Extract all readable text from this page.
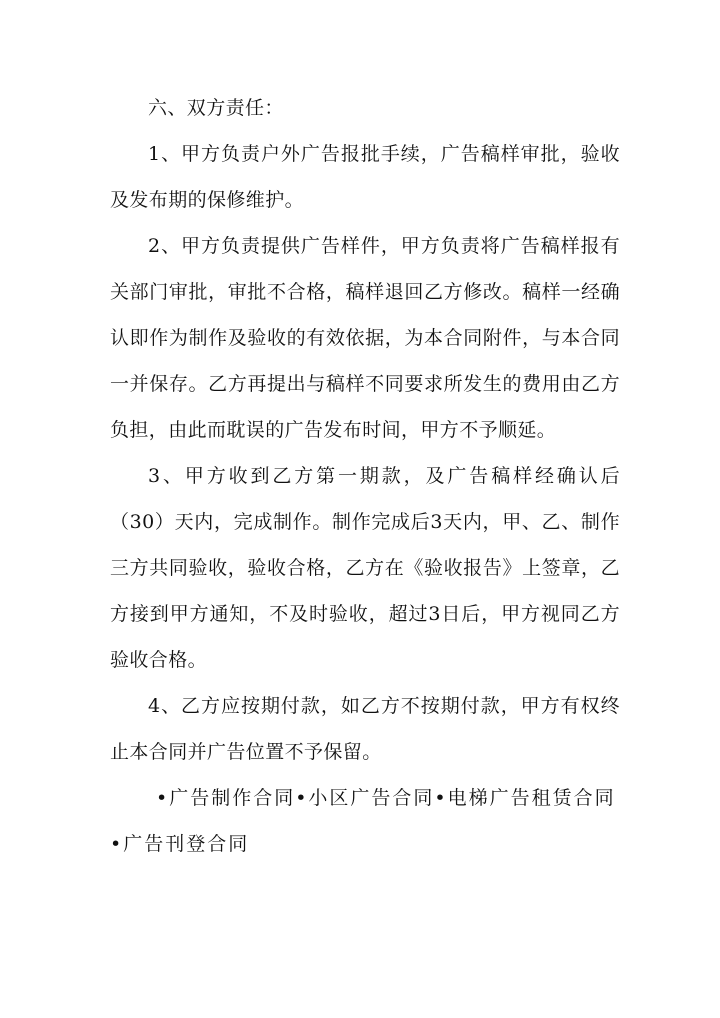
六、双方责任：

1、甲方负责户外广告报批手续，广告稿样审批，验收及发布期的保修维护。

2、甲方负责提供广告样件，甲方负责将广告稿样报有关部门审批，审批不合格，稿样退回乙方修改。稿样一经确认即作为制作及验收的有效依据，为本合同附件，与本合同一并保存。乙方再提出与稿样不同要求所发生的费用由乙方负担，由此而耽误的广告发布时间，甲方不予顺延。

3、甲方收到乙方第一期款，及广告稿样经确认后（30）天内，完成制作。制作完成后3天内，甲、乙、制作三方共同验收，验收合格，乙方在《验收报告》上签章，乙方接到甲方通知，不及时验收，超过3日后，甲方视同乙方验收合格。

4、乙方应按期付款，如乙方不按期付款，甲方有权终止本合同并广告位置不予保留。

•广告制作合同•小区广告合同•电梯广告租赁合同•广告刊登合同
